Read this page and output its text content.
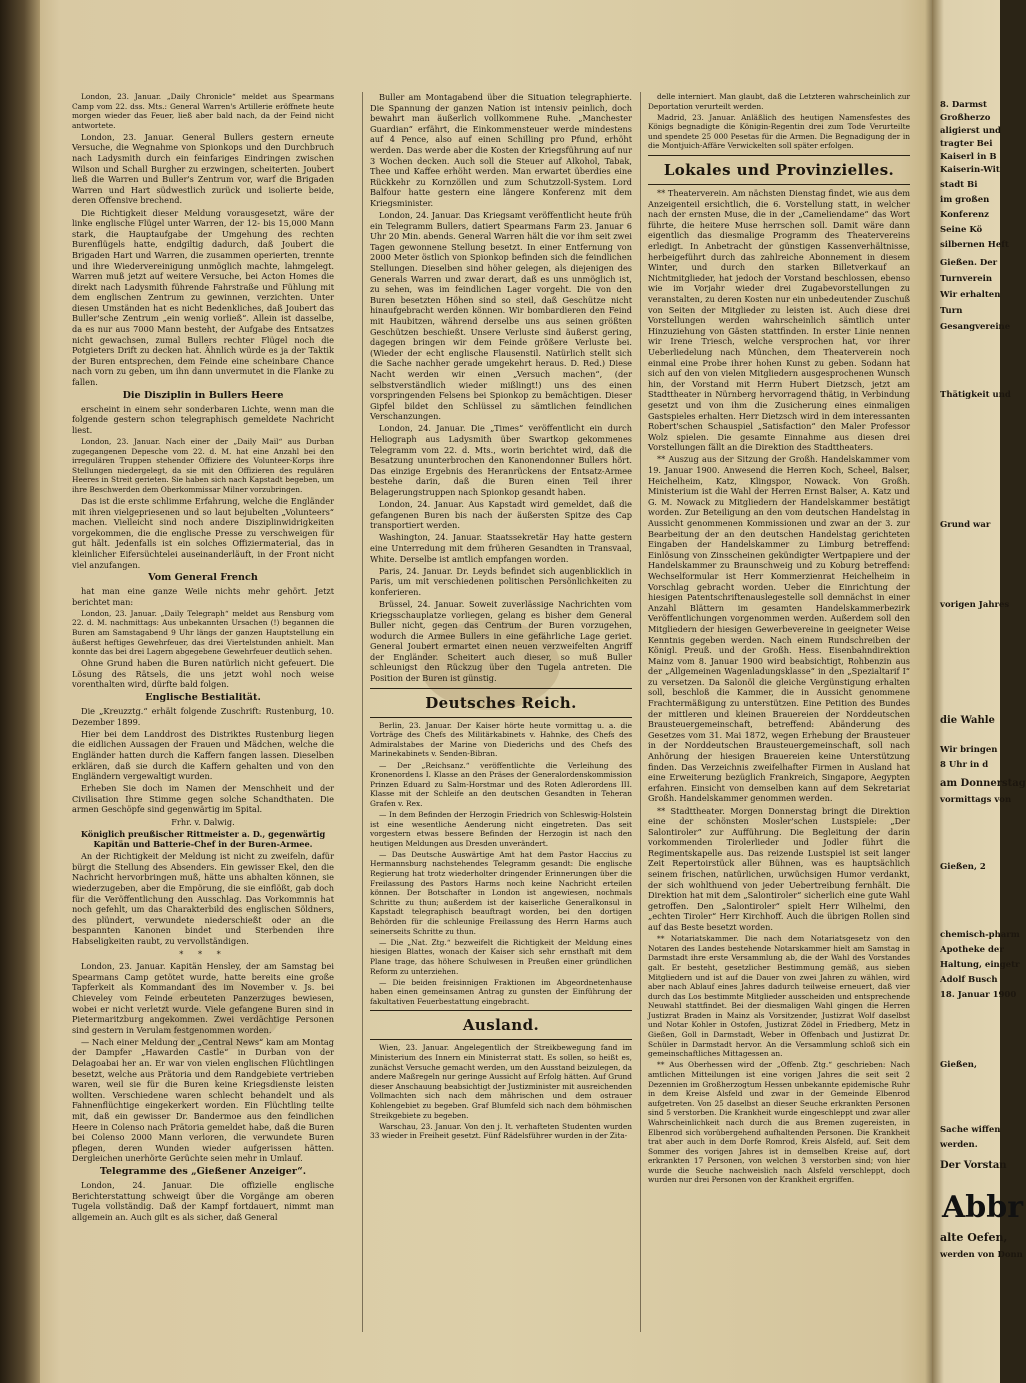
London, 23. Januar. „Daily Chronicle“ meldet aus Spearmans Camp vom 22. dss. Mts.: General Warren's Artillerie eröffnete heute morgen wieder das Feuer, ließ aber bald nach, da der Feind nicht antwortete.

London, 23. Januar. General Bullers gestern erneute Versuche, die Wegnahme von Spionkops und den Durchbruch nach Ladysmith durch ein feinfariges Eindringen zwischen Wilson und Schall Burgher zu erzwingen, scheiterten. Joubert ließ die Warren und Buller's Zentrum vor, warf die Brigaden Warren und Hart südwestlich zurück und isolierte beide, deren Offensive brechend.

Die Richtigkeit dieser Meldung vorausgesetzt, wäre der linke englische Flügel unter Warren, der 12- bis 15,000 Mann stark, die Hauptaufgabe der Umgehung des rechten Burenflügels hatte, endgiltig dadurch, daß Joubert die Brigaden Hart und Warren, die zusammen operierten, trennte und ihre Wiedervereinigung unmöglich machte, lahmgelegt. Warren muß jetzt auf weitere Versuche, bei Acton Homes die direkt nach Ladysmith führende Fahrstraße und Fühlung mit dem englischen Zentrum zu gewinnen, verzichten. Unter diesen Umständen hat es nicht Bedenkliches, daß Joubert das Buller'sche Zentrum „ein wenig vorließ“. Allein ist dasselbe, da es nur aus 7000 Mann besteht, der Aufgabe des Entsatzes nicht gewachsen, zumal Bullers rechter Flügel noch die Potgieters Drift zu decken hat. Ähnlich würde es ja der Taktik der Buren entsprechen, dem Feinde eine scheinbare Chance nach vorn zu geben, um ihn dann unvermutet in die Flanke zu fallen.

Die Disziplin in Bullers Heere

erscheint in einem sehr sonderbaren Lichte, wenn man die folgende gestern schon telegraphisch gemeldete Nachricht liest.

London, 23. Januar. Nach einer der „Daily Mail“ aus Durban zugegangenen Depesche vom 22. d. M. hat eine Anzahl bei den irregulären Truppen stehender Offiziere des Volunteer-Korps ihre Stellungen niedergelegt, da sie mit den Offizieren des regulären Heeres in Streit gerieten. Sie haben sich nach Kapstadt begeben, um ihre Beschwerden dem Oberkommissar Milner vorzubringen.

Das ist die erste schlimme Erfahrung, welche die Engländer mit ihren vielgepriesenen und so laut bejubelten „Volunteers“ machen. Vielleicht sind noch andere Disziplinwidrigkeiten vorgekommen, die die englische Presse zu verschweigen für gut hält. Jedenfalls ist ein solches Offiziermaterial, das in kleinlicher Eifersüchtelei auseinanderläuft, in der Front nicht viel anzufangen.

Vom General French

hat man eine ganze Weile nichts mehr gehört. Jetzt berichtet man:

London, 23. Januar. „Daily Telegraph“ meldet aus Rensburg vom 22. d. M. nachmittags: Aus unbekannten Ursachen (!) begannen die Buren am Samstagabend 9 Uhr längs der ganzen Hauptstellung ein äußerst heftiges Gewehrfeuer, das drei Viertelstunden anhielt. Man konnte das bei drei Lagern abgegebene Gewehrfeuer deutlich sehen.

Ohne Grund haben die Buren natürlich nicht gefeuert. Die Lösung des Rätsels, die uns jetzt wohl noch weise vorenthalten wird, dürfte bald folgen.

Englische Bestialität.

Die „Kreuzztg.“ erhält folgende Zuschrift: Rustenburg, 10. Dezember 1899.

Hier bei dem Landdrost des Distriktes Rustenburg liegen die eidlichen Aussagen der Frauen und Mädchen, welche die Engländer hatten durch die Kaffern fangen lassen. Dieselben erklären, daß sie durch die Kaffern gehalten und von den Engländern vergewaltigt wurden.

Erheben Sie doch im Namen der Menschheit und der Civilisation Ihre Stimme gegen solche Schandthaten. Die armen Geschöpfe sind gegenwärtig im Spital.

Frhr. v. Dalwig.

Königlich preußischer Rittmeister a. D., gegenwärtig Kapitän und Batterie-Chef in der Buren-Armee.

An der Richtigkeit der Meldung ist nicht zu zweifeln, dafür bürgt die Stellung des Absenders. Ein gewisser Ekel, den die Nachricht hervorbringen muß, hätte uns abhalten können, sie wiederzugeben, aber die Empörung, die sie einflößt, gab doch für die Veröffentlichung den Ausschlag. Das Vorkommnis hat noch gefehlt, um das Charakterbild des englischen Söldners, des plündert, verwundete niederschießt oder an die bespannten Kanonen bindet und Sterbenden ihre Habseligkeiten raubt, zu vervollständigen.

* * *

London, 23. Januar. Kapitän Hensley, der am Samstag bei Spearmans Camp getötet wurde, hatte bereits eine große Tapferkeit als Kommandant des im November v. Js. bei Chieveley vom Feinde erbeuteten Panzerzuges bewiesen, wobei er nicht verletzt wurde. Viele gefangene Buren sind in Pietermaritzburg angekommen. Zwei verdächtige Personen sind gestern in Verulam festgenommen worden.

— Nach einer Meldung der „Central News“ kam am Montag der Dampfer „Hawarden Castle“ in Durban von der Delagoabai her an. Er war von vielen englischen Flüchtlingen besetzt, welche aus Prätoria und dem Randgebiete vertrieben waren, weil sie für die Buren keine Kriegsdienste leisten wollten. Verschiedene waren schlecht behandelt und als Fahnenflüchtige eingekerkert worden. Ein Flüchtling teilte mit, daß ein gewisser Dr. Bandermoe aus den feindlichen Heere in Colenso nach Prätoria gemeldet habe, daß die Buren bei Colenso 2000 Mann verloren, die verwundete Buren pflegen, deren Wunden wieder aufgerissen hätten. Dergleichen unerhörte Gerüchte seien mehr in Umlauf.

Telegramme des „Gießener Anzeiger“.

London, 24. Januar. Die offizielle englische Berichterstattung schweigt über die Vorgänge am oberen Tugela vollständig. Daß der Kampf fortdauert, nimmt man allgemein an. Auch gilt es als sicher, daß General

Buller am Montagabend über die Situation telegraphierte. Die Spannung der ganzen Nation ist intensiv peinlich, doch bewahrt man äußerlich vollkommene Ruhe. „Manchester Guardian“ erfährt, die Einkommensteuer werde mindestens auf 4 Pence, also auf einen Schilling pro Pfund, erhöht werden. Das werde aber die Kosten der Kriegsführung auf nur 3 Wochen decken. Auch soll die Steuer auf Alkohol, Tabak, Thee und Kaffee erhöht werden. Man erwartet überdies eine Rückkehr zu Kornzöllen und zum Schutzzoll-System. Lord Balfour hatte gestern eine längere Konferenz mit dem Kriegsminister.

London, 24. Januar. Das Kriegsamt veröffentlicht heute früh ein Telegramm Bullers, datiert Spearmans Farm 23. Januar 6 Uhr 20 Min. abends. General Warren hält die vor ihm seit zwei Tagen gewonnene Stellung besetzt. In einer Entfernung von 2000 Meter östlich von Spionkop befinden sich die feindlichen Stellungen. Dieselben sind höher gelegen, als diejenigen des Generals Warren und zwar derart, daß es uns unmöglich ist, zu sehen, was im feindlichen Lager vorgeht. Die von den Buren besetzten Höhen sind so steil, daß Geschütze nicht hinaufgebracht werden können. Wir bombardieren den Feind mit Haubitzen, während derselbe uns aus seinen größten Geschützen beschießt. Unsere Verluste sind äußerst gering, dagegen bringen wir dem Feinde größere Verluste bei. (Wieder der echt englische Flausenstil. Natürlich stellt sich die Sache nachher gerade umgekehrt heraus. D. Red.) Diese Nacht werden wir einen „Versuch machen“, (der selbstverständlich wieder mißlingt!) uns des einen vorspringenden Felsens bei Spionkop zu bemächtigen. Dieser Gipfel bildet den Schlüssel zu sämtlichen feindlichen Verschanzungen.

London, 24. Januar. Die „Times“ veröffentlicht ein durch Heliograph aus Ladysmith über Swartkop gekommenes Telegramm vom 22. d. Mts., worin berichtet wird, daß die Besatzung ununterbrochen den Kanonendonner Bullers hört. Das einzige Ergebnis des Heranrückens der Entsatz-Armee bestehe darin, daß die Buren einen Teil ihrer Belagerungstruppen nach Spionkop gesandt haben.

London, 24. Januar. Aus Kapstadt wird gemeldet, daß die gefangenen Buren bis nach der äußersten Spitze des Cap transportiert werden.

Washington, 24. Januar. Staatssekretär Hay hatte gestern eine Unterredung mit dem früheren Gesandten in Transvaal, White. Derselbe ist amtlich empfangen worden.

Paris, 24. Januar. Dr. Leyds befindet sich augenblicklich in Paris, um mit verschiedenen politischen Persönlichkeiten zu konferieren.

Brüssel, 24. Januar. Soweit zuverlässige Nachrichten vom Kriegsschauplatze vorliegen, gelang es bisher dem General Buller nicht, gegen das Centrum der Buren vorzugehen, wodurch die Armee Bullers in eine gefährliche Lage geriet. General Joubert ermartet einen neuen verzweifelten Angriff der Engländer. Scheitert auch dieser, so muß Buller schleunigst den Rückzug über den Tugela antreten. Die Position der Buren ist günstig.

Deutsches Reich.

Berlin, 23. Januar. Der Kaiser hörte heute vormittag u. a. die Vorträge des Chefs des Militärkabinets v. Hahnke, des Chefs des Admiralstabes der Marine von Diederichs und des Chefs des Marinekabinets v. Senden-Bibran.

— Der „Reichsanz.“ veröffentlichte die Verleihung des Kronenordens I. Klasse an den Präses der Generalordenskommission Prinzen Eduard zu Salm-Horstmar und des Roten Adlerordens III. Klasse mit der Schleife an den deutschen Gesandten in Teheran Grafen v. Rex.

— In dem Befinden der Herzogin Friedrich von Schleswig-Holstein ist eine wesentliche Aenderung nicht eingetreten. Das seit vorgestern etwas bessere Befinden der Herzogin ist nach den heutigen Meldungen aus Dresden unverändert.

— Das Deutsche Auswärtige Amt hat dem Pastor Haccius zu Hermannsburg nachstehendes Telegramm gesandt: Die englische Regierung hat trotz wiederholter dringender Erinnerungen über die Freilassung des Pastors Harms noch keine Nachricht erteilen können. Der Botschafter in London ist angewiesen, nochmals Schritte zu thun; außerdem ist der kaiserliche Generalkonsul in Kapstadt telegraphisch beauftragt worden, bei den dortigen Behörden für die schleunige Freilassung des Herrn Harms auch seinerseits Schritte zu thun.

— Die „Nat. Ztg.“ bezweifelt die Richtigkeit der Meldung eines hiesigen Blattes, wonach der Kaiser sich sehr ernsthaft mit dem Plane trage, das höhere Schulwesen in Preußen einer gründlichen Reform zu unterziehen.

— Die beiden freisinnigen Fraktionen im Abgeordnetenhause haben einen gemeinsamen Antrag zu gunsten der Einführung der fakultativen Feuerbestattung eingebracht.

Ausland.

Wien, 23. Januar. Angelegentlich der Streikbewegung fand im Ministerium des Innern ein Ministerrat statt. Es sollen, so heißt es, zunächst Versuche gemacht werden, um den Ausstand beizulegen, da andere Maßregeln nur geringe Aussicht auf Erfolg hätten. Auf Grund dieser Anschauung beabsichtigt der Justizminister mit ausreichenden Vollmachten sich nach dem mährischen und dem ostrauer Kohlengebiet zu begeben. Graf Blumfeld sich nach dem böhmischen Streikgebiete zu begeben.

Warschau, 23. Januar. Von den j. It. verhafteten Studenten wurden 33 wieder in Freiheit gesetzt. Fünf Rädelsführer wurden in der Zita-

delle interniert. Man glaubt, daß die Letzteren wahrscheinlich zur Deportation verurteilt werden.

Madrid, 23. Januar. Anläßlich des heutigen Namensfestes des Königs begnadigte die Königin-Regentin drei zum Tode Verurteilte und spendete 25 000 Pesetas für die Armen. Die Begnadigung der in die Montjuich-Affäre Verwickelten soll später erfolgen.

Lokales und Provinzielles.

** Theaterverein. Am nächsten Dienstag findet, wie aus dem Anzeigenteil ersichtlich, die 6. Vorstellung statt, in welcher nach der ernsten Muse, die in der „Cameliendame“ das Wort führte, die heitere Muse herrschen soll. Damit wäre dann eigentlich das diesmalige Programm des Theatervereins erledigt. In Anbetracht der günstigen Kassenverhältnisse, herbeigeführt durch das zahlreiche Abonnement in diesem Winter, und durch den starken Billetverkauf an Nichtmitglieder, hat jedoch der Vorstand beschlossen, ebenso wie im Vorjahr wieder drei Zugabevorstellungen zu veranstalten, zu deren Kosten nur ein unbedeutender Zuschuß von Seiten der Mitglieder zu leisten ist. Auch diese drei Vorstellungen werden wahrscheinlich sämtlich unter Hinzuziehung von Gästen stattfinden. In erster Linie nennen wir Irene Triesch, welche versprochen hat, vor ihrer Ueberliedelung nach München, dem Theaterverein noch einmal eine Probe ihrer hohen Kunst zu geben. Sodann hat sich auf den von vielen Mitgliedern ausgesprochenen Wunsch hin, der Vorstand mit Herrn Hubert Dietzsch, jetzt am Stadttheater in Nürnberg hervorragend thätig, in Verbindung gesetzt und von ihm die Zusicherung eines einmaligen Gastspieles erhalten. Herr Dietzsch wird in dem interessanten Robert'schen Schauspiel „Satisfaction“ den Maler Professor Wolz spielen. Die gesamte Einnahme aus diesen drei Vorstellungen fällt an die Direktion des Stadttheaters.

** Auszug aus der Sitzung der Großh. Handelskammer vom 19. Januar 1900. Anwesend die Herren Koch, Scheel, Balser, Heichelheim, Katz, Klingspor, Nowack. Von Großh. Ministerium ist die Wahl der Herren Ernst Balser, A. Katz und G. M. Nowack zu Mitgliedern der Handelskammer bestätigt worden. Zur Beteiligung an den vom deutschen Handelstag in Aussicht genommenen Kommissionen und zwar an der 3. zur Bearbeitung der an den deutschen Handelstag gerichteten Eingaben der Handelskammer zu Limburg betreffend: Einlösung von Zinsscheinen gekündigter Wertpapiere und der Handelskammer zu Braunschweig und zu Koburg betreffend: Wechselformular ist Herr Kommerzienrat Heichelheim in Vorschlag gebracht worden. Ueber die Einrichtung der hiesigen Patentschriftenauslegestelle soll demnächst in einer Anzahl Blättern im gesamten Handelskammerbezirk Veröffentlichungen vorgenommen werden. Außerdem soll den Mitgliedern der hiesigen Gewerbevereine in geeigneter Weise Kenntnis gegeben werden. Nach einem Rundschreiben der Königl. Preuß. und der Großh. Hess. Eisenbahndirektion Mainz vom 8. Januar 1900 wird beabsichtigt, Rohbenzin aus der „Allgemeinen Wagenladungsklasse“ in den „Spezialtarif I“ zu versetzen. Da Salonöl die gleiche Vergünstigung erhalten soll, beschloß die Kammer, die in Aussicht genommene Frachtermäßigung zu unterstützen. Eine Petition des Bundes der mittleren und kleinen Brauereien der Norddeutschen Brausteuergemeinschaft, betreffend: Abänderung des Gesetzes vom 31. Mai 1872, wegen Erhebung der Brausteuer in der Norddeutschen Brausteuergemeinschaft, soll nach Anhörung der hiesigen Brauereien keine Unterstützung finden. Das Verzeichnis zweifelhafter Firmen in Ausland hat eine Erweiterung bezüglich Frankreich, Singapore, Aegypten erfahren. Einsicht von demselben kann auf dem Sekretariat Großh. Handelskammer genommen werden.

** Stadttheater. Morgen Donnerstag bringt die Direktion eine der schönsten Mosler'schen Lustspiele: „Der Salontiroler“ zur Aufführung. Die Begleitung der darin vorkommenden Tirolerlieder und Jodler führt die Regimentskapelle aus. Das reizende Lustspiel ist seit langer Zeit Repertoirstück aller Bühnen, was es hauptsächlich seinem frischen, natürlichen, urwüchsigen Humor verdankt, der sich wohlthuend von jeder Uebertreibung fernhält. Die Direktion hat mit dem „Salontiroler“ sicherlich eine gute Wahl getroffen. Den „Salontiroler“ spielt Herr Wilhelmi, den „echten Tiroler“ Herr Kirchhoff. Auch die übrigen Rollen sind auf das Beste besetzt worden.

** Notariatskammer. Die nach dem Notariatsgesetz von den Notaren des Landes bestehende Notarskammer hielt am Samstag in Darmstadt ihre erste Versammlung ab, die der Wahl des Vorstandes galt. Er besteht, gesetzlicher Bestimmung gemäß, aus sieben Mitgliedern und ist auf die Dauer von zwei Jahren zu wählen, wird aber nach Ablauf eines Jahres dadurch teilweise erneuert, daß vier durch das Los bestimmte Mitglieder ausscheiden und entsprechende Neuwahl stattfindet. Bei der diesmaligen Wahl gingen die Herren Justizrat Braden in Mainz als Vorsitzender, Justizrat Wolf daselbst und Notar Kohler in Ostofen, Justizrat Zödel in Friedberg, Metz in Gießen, Goll in Darmstadt, Weber in Offenbach und Justizrat Dr. Schüler in Darmstadt hervor. An die Versammlung schloß sich ein gemeinschaftliches Mittagessen an.

** Aus Oberhessen wird der „Offenb. Ztg.“ geschrieben: Nach amtlichen Mitteilungen ist eine vorigen Jahres die seit seit 2 Dezennien im Großherzogtum Hessen unbekannte epidemische Ruhr in dem Kreise Alsfeld und zwar in der Gemeinde Elbenrod aufgetreten. Von 25 daselbst an dieser Seuche erkrankten Personen sind 5 verstorben. Die Krankheit wurde eingeschleppt und zwar aller Wahrscheinlichkeit nach durch die aus Bremen zugereisten, in Elbenrod sich vorübergehend aufhaltenden Personen. Die Krankheit trat aber auch in dem Dorfe Romrod, Kreis Alsfeld, auf. Seit dem Sommer des vorigen Jahres ist in demselben Kreise auf, dort erkrankten 17 Personen, von welchen 3 verstorben sind; von hier wurde die Seuche nachweislich nach Alsfeld verschleppt, doch wurden nur drei Personen von der Krankheit ergriffen.

8. Darmst
Großherzo
aligierst und
tragter Bei
Kaiserl in B
Kaiserin-Wit
stadt Bi
im großen
Konferenz
Seine Kö
silbernen Heft
Gießen. Der
Turnverein
Wir erhalten
Turn
Gesangvereine
Thätigkeit und
Grund war
vorigen Jahres
die Wahle
Wir bringen
8 Uhr in d
am Donnerstag
vormittags von
Gießen, 2
chemisch-pharm
Apotheke der
Haltung, eingetr
Adolf Busch
18. Januar 1900
Gießen,
Sache wiffen
werden.
Der Vorstan
Abbr
alte Oefen,
werden von Donn
